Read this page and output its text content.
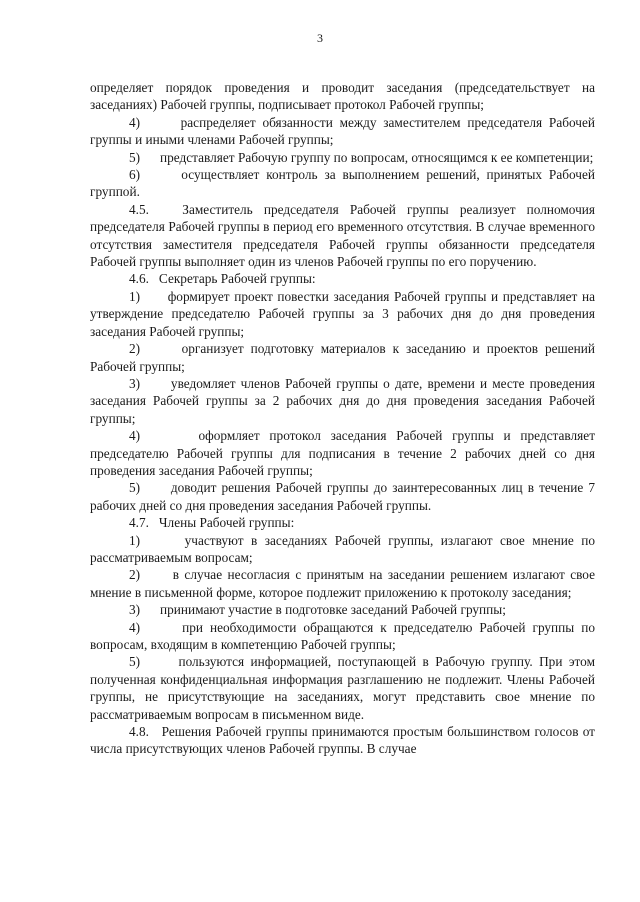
3

определяет порядок проведения и проводит заседания (председательствует на заседаниях) Рабочей группы, подписывает протокол Рабочей группы;

4)      распределяет обязанности между заместителем председателя Рабочей группы и иными членами Рабочей группы;

5)      представляет Рабочую группу по вопросам, относящимся к ее компетенции;

6)      осуществляет контроль за выполнением решений, принятых Рабочей группой.

4.5.   Заместитель председателя Рабочей группы реализует полномочия председателя Рабочей группы в период его временного отсутствия. В случае временного отсутствия заместителя председателя Рабочей группы обязанности председателя Рабочей группы выполняет один из членов Рабочей группы по его поручению.

4.6.   Секретарь Рабочей группы:

1)      формирует проект повестки заседания Рабочей группы и представляет на утверждение председателю Рабочей группы за 3 рабочих дня до дня проведения заседания Рабочей группы;

2)      организует подготовку материалов к заседанию и проектов решений Рабочей группы;

3)      уведомляет членов Рабочей группы о дате, времени и месте проведения заседания Рабочей группы за 2 рабочих дня до дня проведения заседания Рабочей группы;

4)      оформляет протокол заседания Рабочей группы и представляет председателю Рабочей группы для подписания в течение 2 рабочих дней со дня проведения заседания Рабочей группы;

5)      доводит решения Рабочей группы до заинтересованных лиц в течение 7 рабочих дней со дня проведения заседания Рабочей группы.

4.7.   Члены Рабочей группы:

1)      участвуют в заседаниях Рабочей группы, излагают свое мнение по рассматриваемым вопросам;

2)      в случае несогласия с принятым на заседании решением излагают свое мнение в письменной форме, которое подлежит приложению к протоколу заседания;

3)      принимают участие в подготовке заседаний Рабочей группы;

4)      при необходимости обращаются к председателю Рабочей группы по вопросам, входящим в компетенцию Рабочей группы;

5)      пользуются информацией, поступающей в Рабочую группу. При этом полученная конфиденциальная информация разглашению не подлежит. Члены Рабочей группы, не присутствующие на заседаниях, могут представить свое мнение по рассматриваемым вопросам в письменном виде.

4.8.   Решения Рабочей группы принимаются простым большинством голосов от числа присутствующих членов Рабочей группы. В случае
